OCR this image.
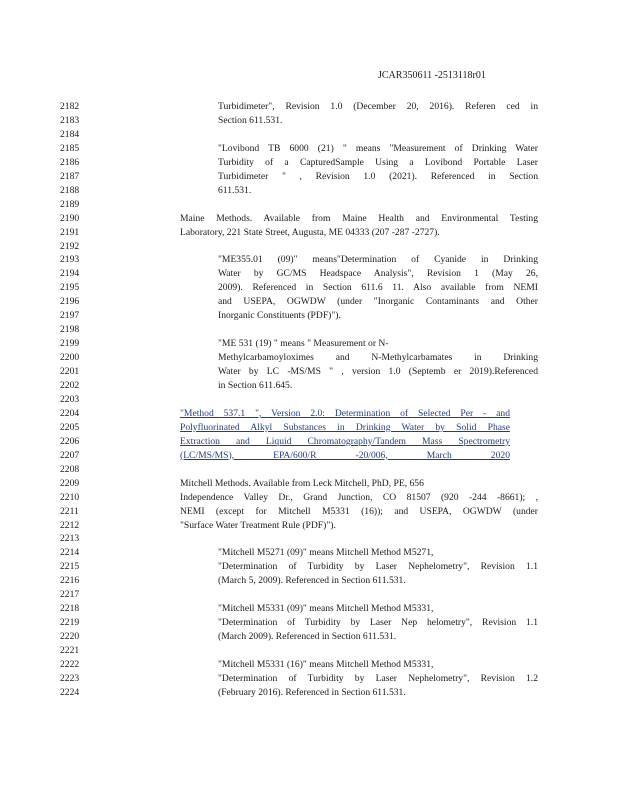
JCAR350611 -2513118r01
2182	Turbidimeter", Revision 1.0 (December 20, 2016). Referen ced in
2183	Section 611.531.
2184
2185	"Lovibond TB 6000 (21) " means "Measurement of Drinking Water
2186	Turbidity of a CapturedSample Using a Lovibond Portable Laser
2187	Turbidimeter " , Revision 1.0 (2021). Referenced in Section
2188	611.531.
2189
2190	Maine Methods. Available from Maine Health and Environmental Testing
2191	Laboratory, 221 State Street, Augusta, ME 04333 (207 -287 -2727).
2192
2193	"ME355.01 (09)" means"Determination of Cyanide in Drinking
2194	Water by GC/MS Headspace Analysis", Revision 1 (May 26,
2195	2009). Referenced in Section 611.6 11. Also available from NEMI
2196	and USEPA, OGWDW (under "Inorganic Contaminants and Other
2197	Inorganic Constituents (PDF)").
2198
2199	"ME 531 (19) " means " Measurement or N-
2200	Methylcarbamoyloximes and N-Methylcarbamates in Drinking
2201	Water by LC -MS/MS " , version 1.0 (Septemb er 2019).Referenced
2202	in Section 611.645.
2203
2204	"Method 537.1 ", Version 2.0: Determination of Selected Per - and
2205	Polyfluorinated Alkyl Substances in Drinking Water by Solid Phase
2206	Extraction and Liquid Chromatography/Tandem Mass Spectrometry
2207	(LC/MS/MS), EPA/600/R -20/006, March 2020
2208
2209	Mitchell Methods. Available from Leck Mitchell, PhD, PE, 656
2210	Independence Valley Dr., Grand Junction, CO 81507 (920 -244 -8661); ,
2211	NEMI (except for Mitchell M5331 (16)); and USEPA, OGWDW (under
2212	"Surface Water Treatment Rule (PDF)").
2213
2214	"Mitchell M5271 (09)" means Mitchell Method M5271,
2215	"Determination of Turbidity by Laser Nephelometry", Revision 1.1
2216	(March 5, 2009). Referenced in Section 611.531.
2217
2218	"Mitchell M5331 (09)" means Mitchell Method M5331,
2219	"Determination of Turbidity by Laser Nep helometry", Revision 1.1
2220	(March 2009). Referenced in Section 611.531.
2221
2222	"Mitchell M5331 (16)" means Mitchell Method M5331,
2223	"Determination of Turbidity by Laser Nephelometry", Revision 1.2
2224	(February 2016). Referenced in Section 611.531.
